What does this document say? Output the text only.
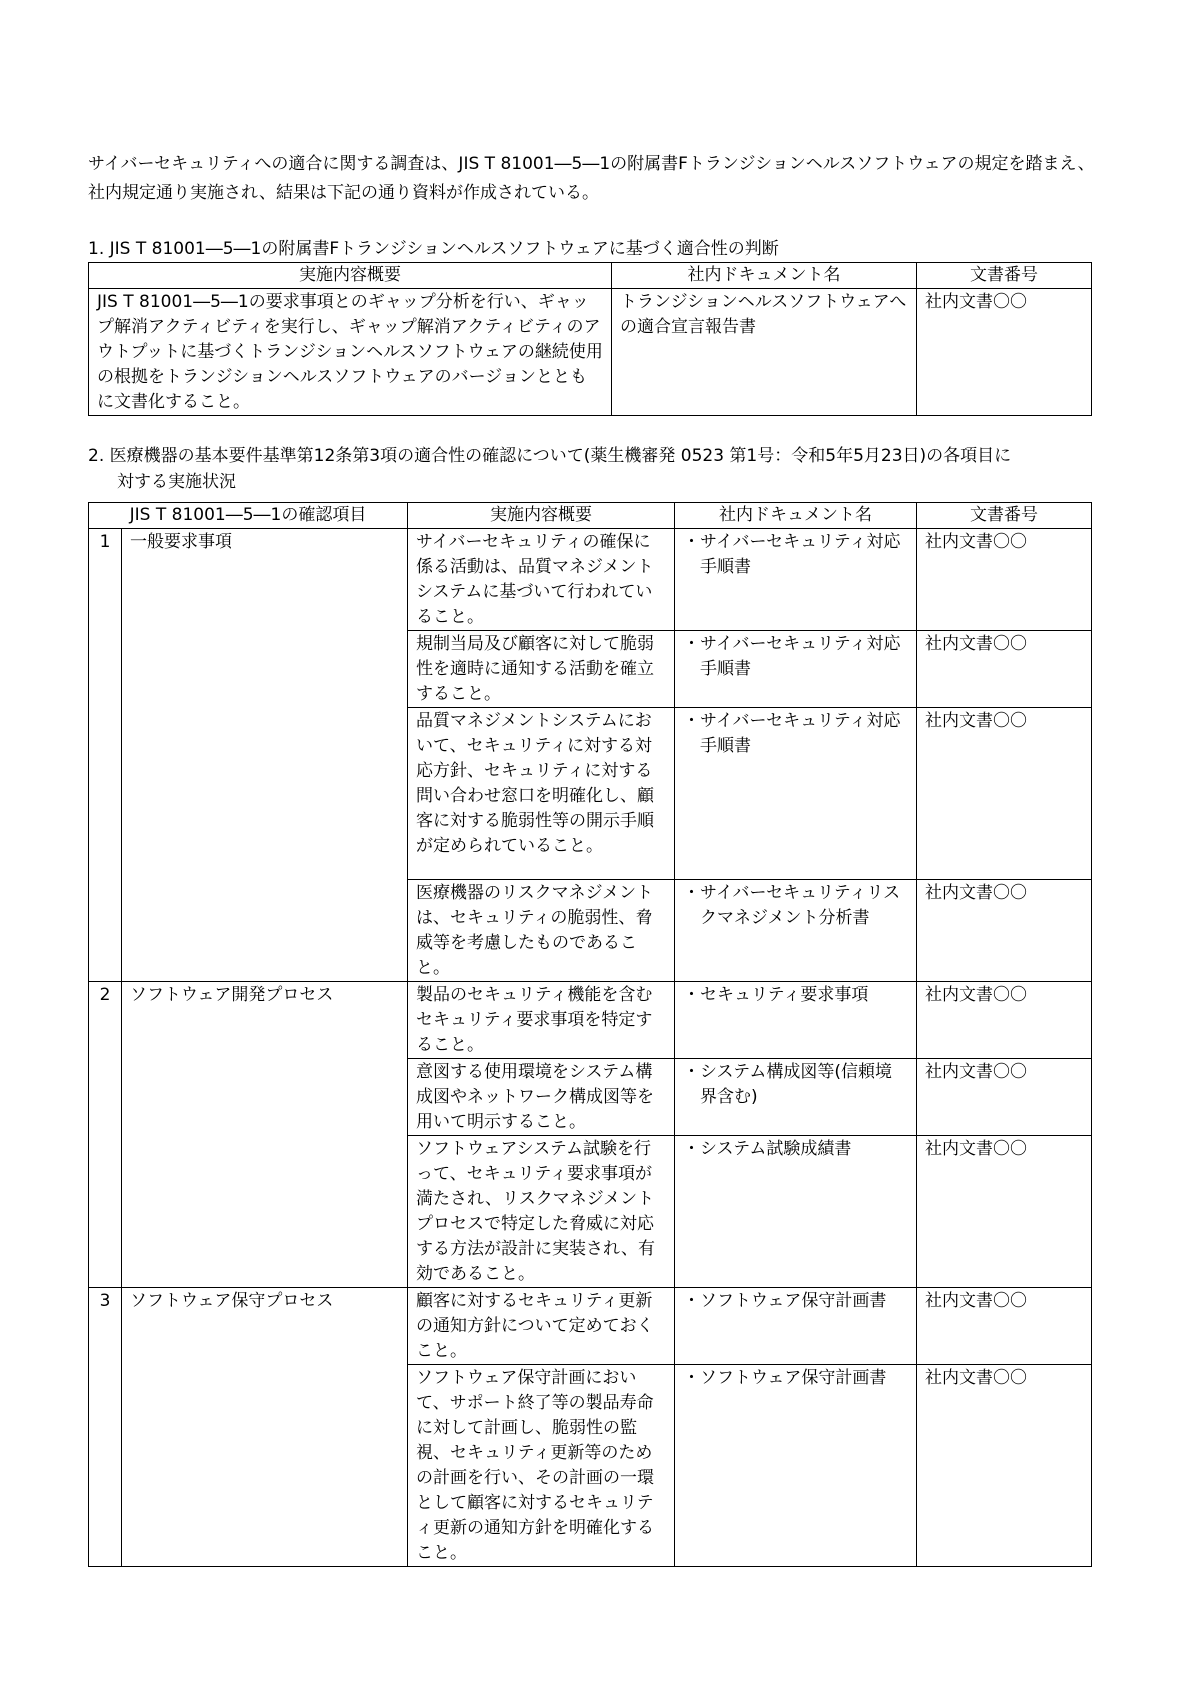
サイバーセキュリティへの適合に関する調査は、JIS T 81001―5―1の附属書Fトランジションヘルスソフトウェアの規定を踏まえ、社内規定通り実施され、結果は下記の通り資料が作成されている。

1. JIS T 81001―5―1の附属書Fトランジションヘルスソフトウェアに基づく適合性の判断
実施内容概要	社内ドキュメント名	文書番号
JIS T 81001―5―1の要求事項とのギャップ分析を行い、ギャップ解消アクティビティを実行し、ギャップ解消アクティビティのアウトプットに基づくトランジションヘルスソフトウェアの継続使用の根拠をトランジションヘルスソフトウェアのバージョンとともに文書化すること。	トランジションヘルスソフトウェアへの適合宣言報告書	社内文書〇〇
2. 医療機器の基本要件基準第12条第3項の適合性の確認について(薬生機審発 0523 第1号：令和5年5月23日)の各項目に
対する実施状況
JIS T 81001―5―1の確認項目		実施内容概要	社内ドキュメント名	文書番号
1	一般要求事項	サイバーセキュリティの確保に係る活動は、品質マネジメントシステムに基づいて行われていること。	・ サイバーセキュリティ対応手順書	社内文書〇〇
		規制当局及び顧客に対して脆弱性を適時に通知する活動を確立すること。	・ サイバーセキュリティ対応手順書	社内文書〇〇
		品質マネジメントシステムにおいて、セキュリティに対する対応方針、セキュリティに対する問い合わせ窓口を明確化し、顧客に対する脆弱性等の開示手順が定められていること。	・ サイバーセキュリティ対応手順書	社内文書〇〇
		医療機器のリスクマネジメントは、セキュリティの脆弱性、脅威等を考慮したものであること。	・ サイバーセキュリティリスクマネジメント分析書	社内文書〇〇
2	ソフトウェア開発プロセス	製品のセキュリティ機能を含むセキュリティ要求事項を特定すること。	・ セキュリティ要求事項	社内文書〇〇
		意図する使用環境をシステム構成図やネットワーク構成図等を用いて明示すること。	・ システム構成図等(信頼境界含む)	社内文書〇〇
		ソフトウェアシステム試験を行って、セキュリティ要求事項が満たされ、リスクマネジメントプロセスで特定した脅威に対応する方法が設計に実装され、有効であること。	・ システム試験成績書	社内文書〇〇
3	ソフトウェア保守プロセス	顧客に対するセキュリティ更新の通知方針について定めておくこと。	・ ソフトウェア保守計画書	社内文書〇〇
		ソフトウェア保守計画において、サポート終了等の製品寿命に対して計画し、脆弱性の監視、セキュリティ更新等のための計画を行い、その計画の一環として顧客に対するセキュリティ更新の通知方針を明確化すること。	・ ソフトウェア保守計画書	社内文書〇〇
